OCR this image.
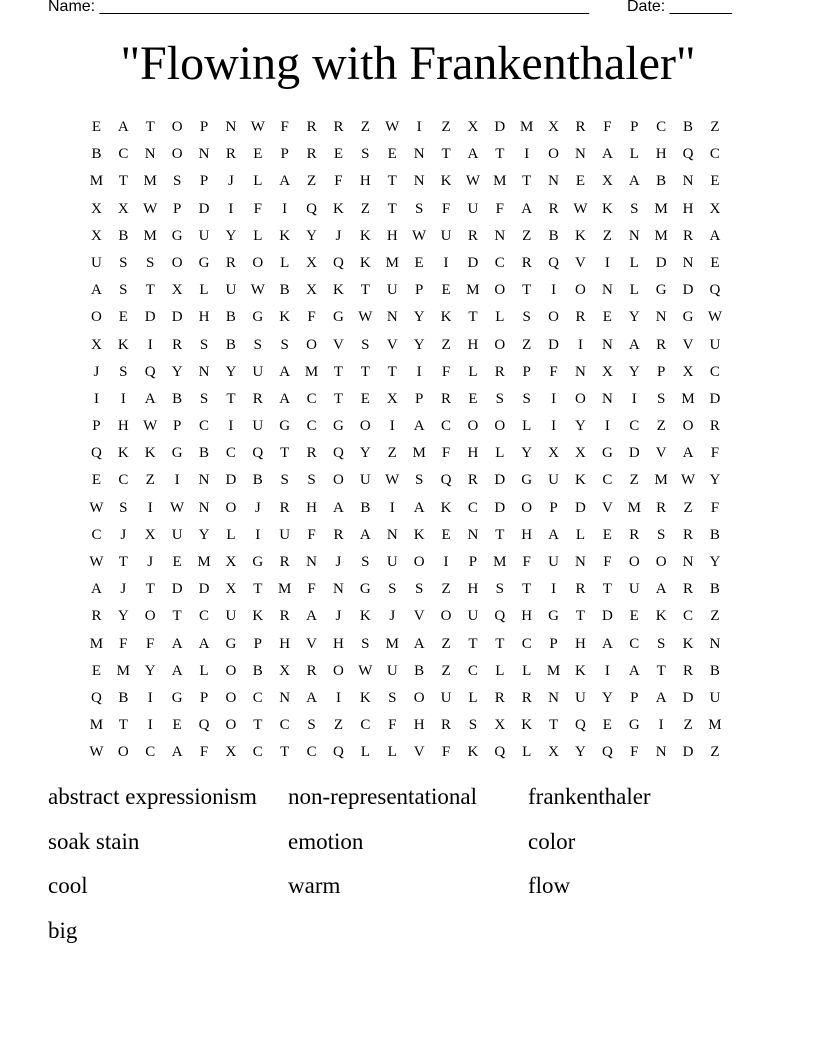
Name: _______________________________________________________ Date: _______
"Flowing with Frankenthaler"
E	A	T	O	P	N W	F	R	R	Z	W	I	Z	X	D M X	R	F	P	C	B	Z
B	C	N	O	N	R	E	P	R	E	S	E	N	T	A	T	I	O	N	A	L	H	Q	C
M	T	M	S	P	J	L	A	Z	F	H	T	N	K W M	T	N	E	X	A	B	N	E
X	X W	P	D	I	F	I	Q	K	Z	T	S	F	U	F	A	R W K	S	M H	X
X	B	M G	U	Y	L	K	Y	J	K	H W U	R	N	Z	B	K	Z	N M	R	A
U	S	S	O	G	R	O	L	X	Q	K M	E	I	D	C	R	Q	V	I	L	D	N	E
A	S	T	X	L	U W B	X	K	T	U	P	E	M O	T	I	O	N	L	G	D	Q
O	E	D	D	H	B	G	K	F	G W N	Y	K	T	L	S	O	R	E	Y	N	G W
X	K	I	R	S	B	S	S	O	V	S	V	Y	Z	H	O	Z	D	I	N	A	R	V	U
J	S	Q	Y	N	Y	U	A M	T	T	T	I	F	L	R	P	F	N	X	Y	P	X	C
I	I	A	B	S	T	R	A	C	T	E	X	P	R	E	S	S	I	O	N	I	S	M D
P	H W	P	C	I	U	G	C	G	O	I	A	C	O	O	L	I	Y	I	C	Z	O	R
Q	K	K	G	B	C	Q	T	R	Q	Y	Z	M	F	H	L	Y	X	X	G	D	V	A	F
E	C	Z	I	N	D	B	S	S	O	U W	S	Q	R	D	G	U	K	C	Z	M W Y
W	S	I	W N	O	J	R	H	A	B	I	A	K	C	D	O	P	D	V M	R	Z	F
C	J	X	U	Y	L	I	U	F	R	A	N	K	E	N	T	H	A	L	E	R	S	R	B
W	T	J	E	M X	G	R	N	J	S	U	O	I	P	M	F	U	N	F	O	O	N	Y
A	J	T	D	D	X	T	M	F	N	G	S	S	Z	H	S	T	I	R	T	U	A	R	B
R	Y	O	T	C	U	K	R	A	J	K	J	V	O	U	Q	H	G	T	D	E	K	C	Z
M	F	F	A	A	G	P	H	V	H	S	M A	Z	T	T	C	P	H	A	C	S	K	N
E	M Y	A	L	O	B	X	R	O W U	B	Z	C	L	L	M K	I	A	T	R	B
Q	B	I	G	P	O	C	N	A	I	K	S	O	U	L	R	R	N	U	Y	P	A	D	U
M	T	I	E	Q	O	T	C	S	Z	C	F	H	R	S	X	K	T	Q	E	G	I	Z	M
W O	C	A	F	X	C	T	C	Q	L	L	V	F	K	Q	L	X	Y	Q	F	N	D	Z
abstract expressionism	non-representational	frankenthaler
soak stain	emotion	color
cool	warm	flow
big
